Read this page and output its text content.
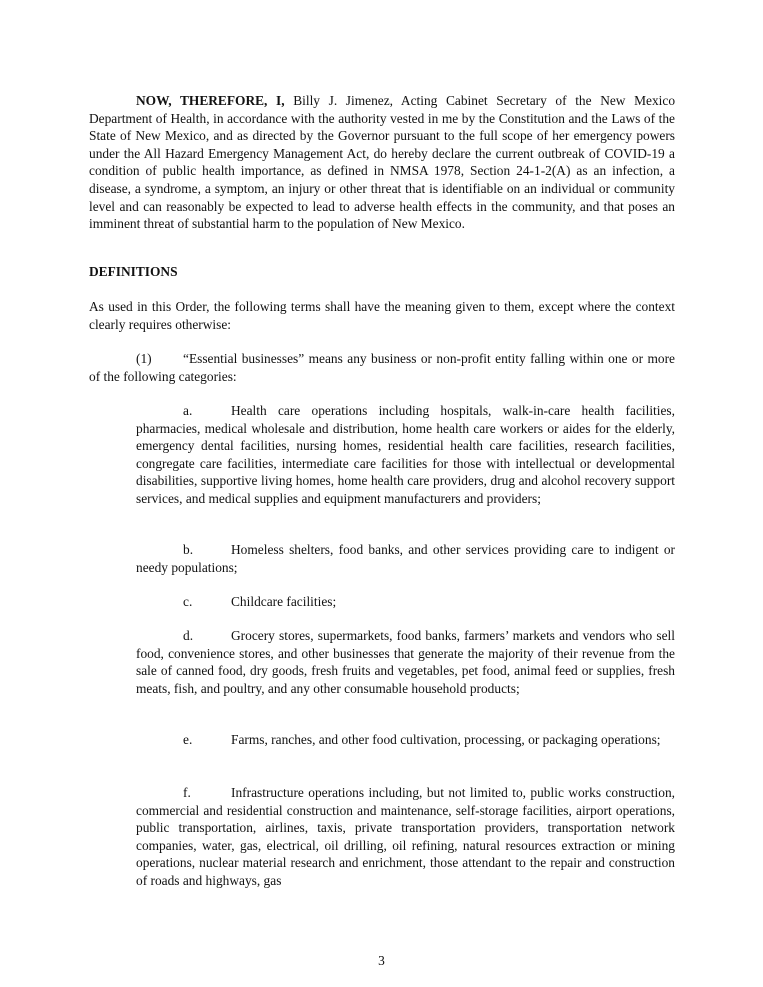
NOW, THEREFORE, I, Billy J. Jimenez, Acting Cabinet Secretary of the New Mexico Department of Health, in accordance with the authority vested in me by the Constitution and the Laws of the State of New Mexico, and as directed by the Governor pursuant to the full scope of her emergency powers under the All Hazard Emergency Management Act, do hereby declare the current outbreak of COVID-19 a condition of public health importance, as defined in NMSA 1978, Section 24-1-2(A) as an infection, a disease, a syndrome, a symptom, an injury or other threat that is identifiable on an individual or community level and can reasonably be expected to lead to adverse health effects in the community, and that poses an imminent threat of substantial harm to the population of New Mexico.

DEFINITIONS

As used in this Order, the following terms shall have the meaning given to them, except where the context clearly requires otherwise:

(1) “Essential businesses” means any business or non-profit entity falling within one or more of the following categories:

a.	Health care operations including hospitals, walk-in-care health facilities, pharmacies, medical wholesale and distribution, home health care workers or aides for the elderly, emergency dental facilities, nursing homes, residential health care facilities, research facilities, congregate care facilities, intermediate care facilities for those with intellectual or developmental disabilities, supportive living homes, home health care providers, drug and alcohol recovery support services, and medical supplies and equipment manufacturers and providers;

b.	Homeless shelters, food banks, and other services providing care to indigent or needy populations;

c.	Childcare facilities;

d.	Grocery stores, supermarkets, food banks, farmers’ markets and vendors who sell food, convenience stores, and other businesses that generate the majority of their revenue from the sale of canned food, dry goods, fresh fruits and vegetables, pet food, animal feed or supplies, fresh meats, fish, and poultry, and any other consumable household products;

e.	Farms, ranches, and other food cultivation, processing, or packaging operations;

f.	Infrastructure operations including, but not limited to, public works construction, commercial and residential construction and maintenance, self-storage facilities, airport operations, public transportation, airlines, taxis, private transportation providers, transportation network companies, water, gas, electrical, oil drilling, oil refining, natural resources extraction or mining operations, nuclear material research and enrichment, those attendant to the repair and construction of roads and highways, gas

3
